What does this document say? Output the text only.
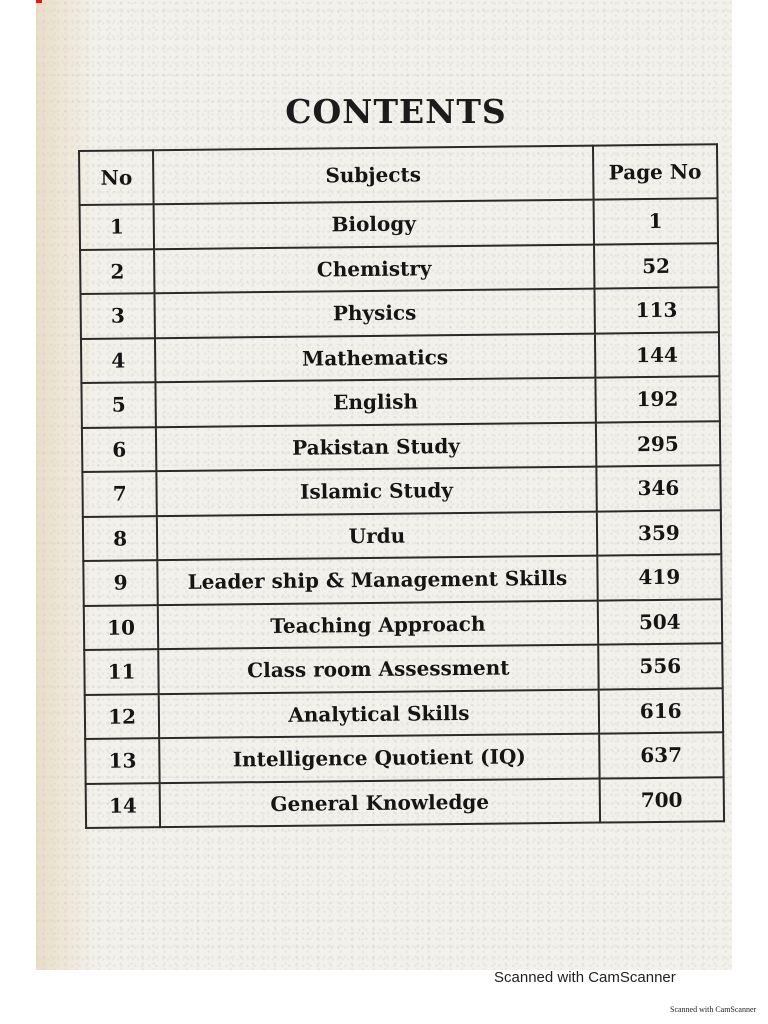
CONTENTS
No	Subjects	Page No
1	Biology	1
2	Chemistry	52
3	Physics	113
4	Mathematics	144
5	English	192
6	Pakistan Study	295
7	Islamic Study	346
8	Urdu	359
9	Leader ship & Management Skills	419
10	Teaching Approach	504
11	Class room Assessment	556
12	Analytical Skills	616
13	Intelligence Quotient (IQ)	637
14	General Knowledge	700
Scanned with CamScanner
Scanned with CamScanner
